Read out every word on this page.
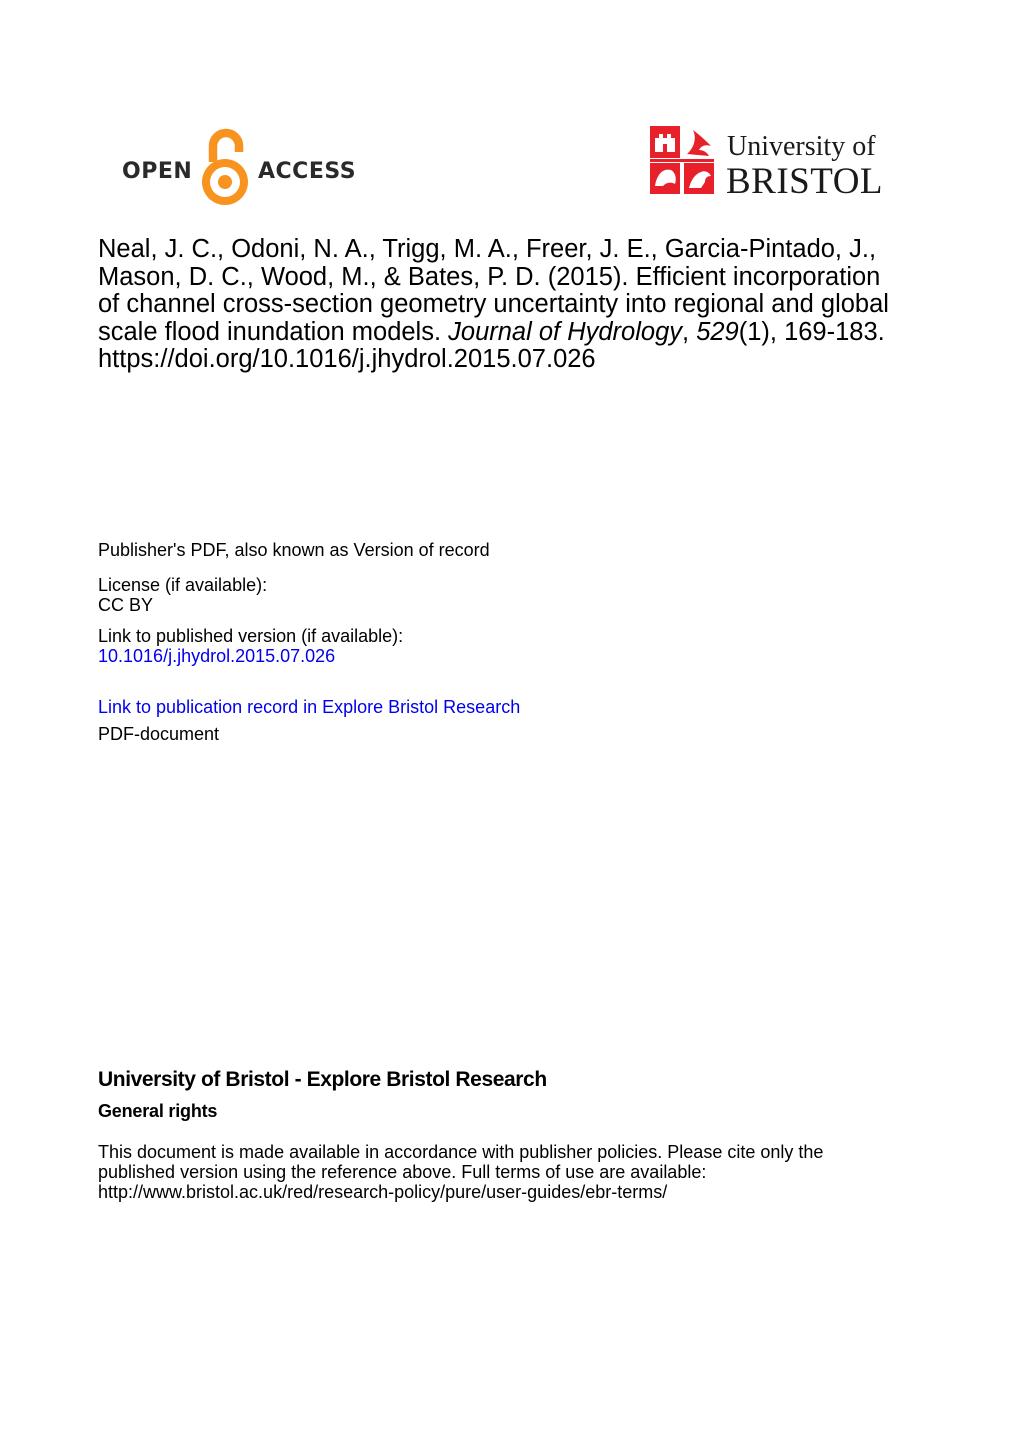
OPEN	ACCESS
University of
BRISTOL
Neal, J. C., Odoni, N. A., Trigg, M. A., Freer, J. E., Garcia-Pintado, J.,
Mason, D. C., Wood, M., & Bates, P. D. (2015). Efficient incorporation
of channel cross-section geometry uncertainty into regional and global
scale flood inundation models. Journal of Hydrology, 529(1), 169-183.
https://doi.org/10.1016/j.jhydrol.2015.07.026
Publisher's PDF, also known as Version of record
License (if available):
CC BY
Link to published version (if available):
10.1016/j.jhydrol.2015.07.026
Link to publication record in Explore Bristol Research
PDF-document
University of Bristol - Explore Bristol Research
General rights
This document is made available in accordance with publisher policies. Please cite only the
published version using the reference above. Full terms of use are available:
http://www.bristol.ac.uk/red/research-policy/pure/user-guides/ebr-terms/
